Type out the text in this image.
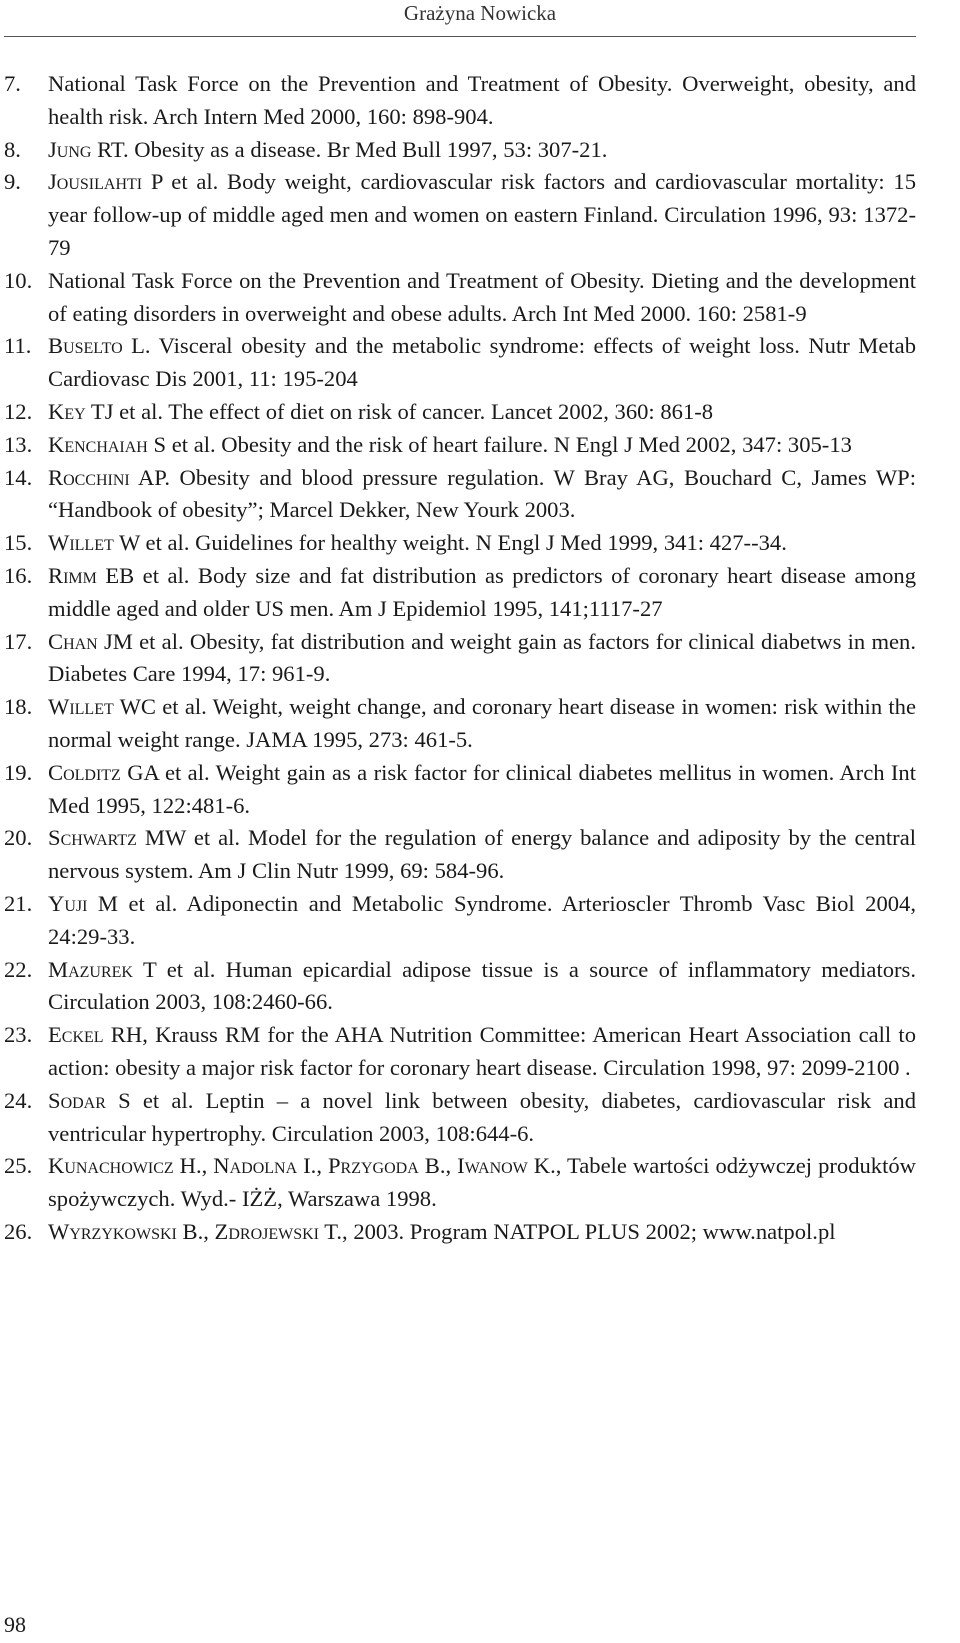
Grażyna Nowicka
7.	National Task Force on the Prevention and Treatment of Obesity. Overweight, obesity, and health risk. Arch Intern Med 2000, 160: 898-904.
8.	Jung RT. Obesity as a disease. Br Med Bull 1997, 53: 307-21.
9.	Jousilahti P et al. Body weight, cardiovascular risk factors and cardiovascular mortality: 15 year follow-up of middle aged men and women on eastern Finland. Circulation 1996, 93: 1372-79
10. National Task Force on the Prevention and Treatment of Obesity. Dieting and the development of eating disorders in overweight and obese adults. Arch Int Med 2000. 160: 2581-9
11. Buselto L. Visceral obesity and the metabolic syndrome: effects of weight loss. Nutr Metab Cardiovasc Dis 2001, 11: 195-204
12. Key TJ et al. The effect of diet on risk of cancer. Lancet 2002, 360: 861-8
13. Kenchaiah S et al. Obesity and the risk of heart failure. N Engl J Med 2002, 347: 305-13
14. Rocchini AP. Obesity and blood pressure regulation. W Bray AG, Bouchard C, James WP: “Handbook of obesity”; Marcel Dekker, New Yourk 2003.
15. Willet W et al. Guidelines for healthy weight. N Engl J Med 1999, 341: 427--34.
16. Rimm EB et al. Body size and fat distribution as predictors of coronary heart disease among middle aged and older US men. Am J Epidemiol 1995, 141;1117-27
17. Chan JM et al. Obesity, fat distribution and weight gain as factors for clinical diabetws in men. Diabetes Care 1994, 17: 961-9.
18. Willet WC et al. Weight, weight change, and coronary heart disease in women: risk within the normal weight range. JAMA 1995, 273: 461-5.
19. Colditz GA et al. Weight gain as a risk factor for clinical diabetes mellitus in women. Arch Int Med 1995, 122:481-6.
20. Schwartz MW et al. Model for the regulation of energy balance and adiposity by the central nervous system. Am J Clin Nutr 1999, 69: 584-96.
21. Yuji M et al. Adiponectin and Metabolic Syndrome. Arterioscler Thromb Vasc Biol 2004, 24:29-33.
22. Mazurek T et al. Human epicardial adipose tissue is a source of inflammatory mediators. Circulation 2003, 108:2460-66.
23. Eckel RH, Krauss RM for the AHA Nutrition Committee: American Heart Association call to action: obesity a major risk factor for coronary heart disease. Circulation 1998, 97: 2099-2100 .
24. Sodar S et al. Leptin – a novel link between obesity, diabetes, cardiovascular risk and ventricular hypertrophy. Circulation 2003, 108:644-6.
25. Kunachowicz H., Nadolna I., Przygoda B., Iwanow K., Tabele wartości odżywczej produktów spożywczych. Wyd.- IŻŻ, Warszawa 1998.
26. Wyrzykowski B., Zdrojewski T., 2003. Program NATPOL PLUS 2002; www.natpol.pl
98
